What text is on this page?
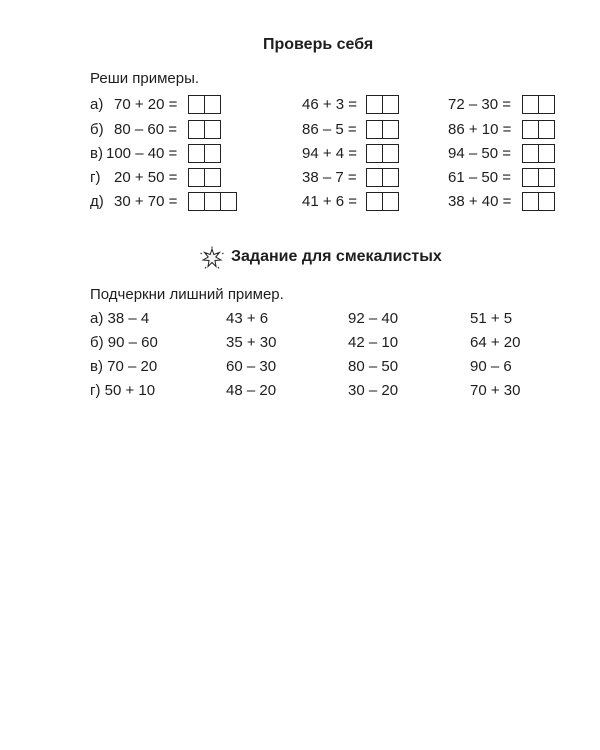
Проверь себя
Реши примеры.
а) 70 + 20 =	46 + 3 =	72 – 30 =
б) 80 – 60 =	86 – 5 =	86 + 10 =
в) 100 – 40 =	94 + 4 =	94 – 50 =
г) 20 + 50 =	38 – 7 =	61 – 50 =
д) 30 + 70 =	41 + 6 =	38 + 40 =
Задание для смекалистых
Подчеркни лишний пример.
а) 38 – 4	43 + 6	92 – 40	51 + 5
б) 90 – 60	35 + 30	42 – 10	64 + 20
в) 70 – 20	60 – 30	80 – 50	90 – 6
г) 50 + 10	48 – 20	30 – 20	70 + 30
